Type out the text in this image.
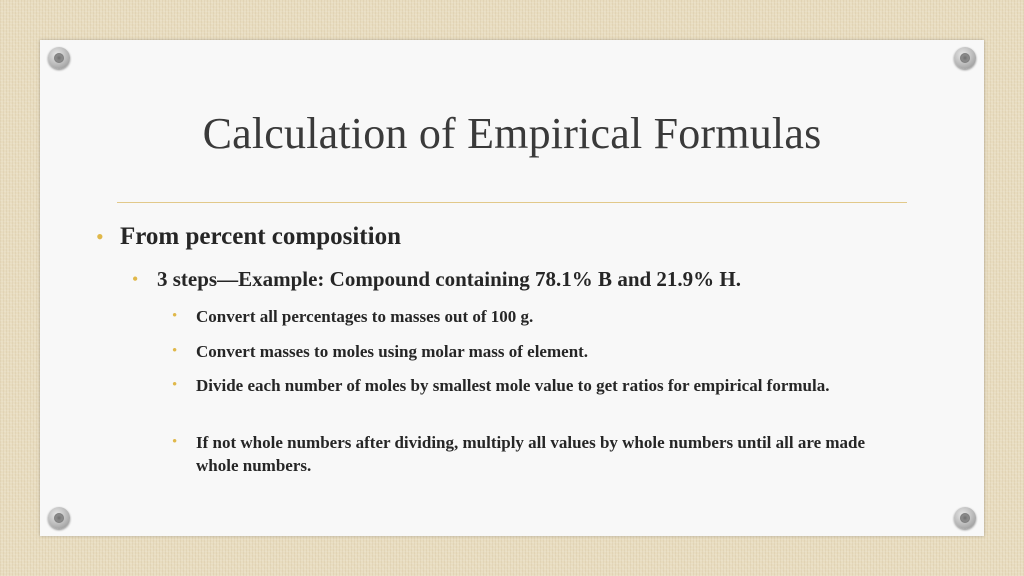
Calculation of Empirical Formulas
• From percent composition
• 3 steps—Example: Compound containing 78.1% B and 21.9% H.
•	Convert all percentages to masses out of 100 g.
•	Convert masses to moles using molar mass of element.
•	Divide each number of moles by smallest mole value to get ratios for empirical formula.
•	If not whole numbers after dividing, multiply all values by whole numbers until all are made whole numbers.
